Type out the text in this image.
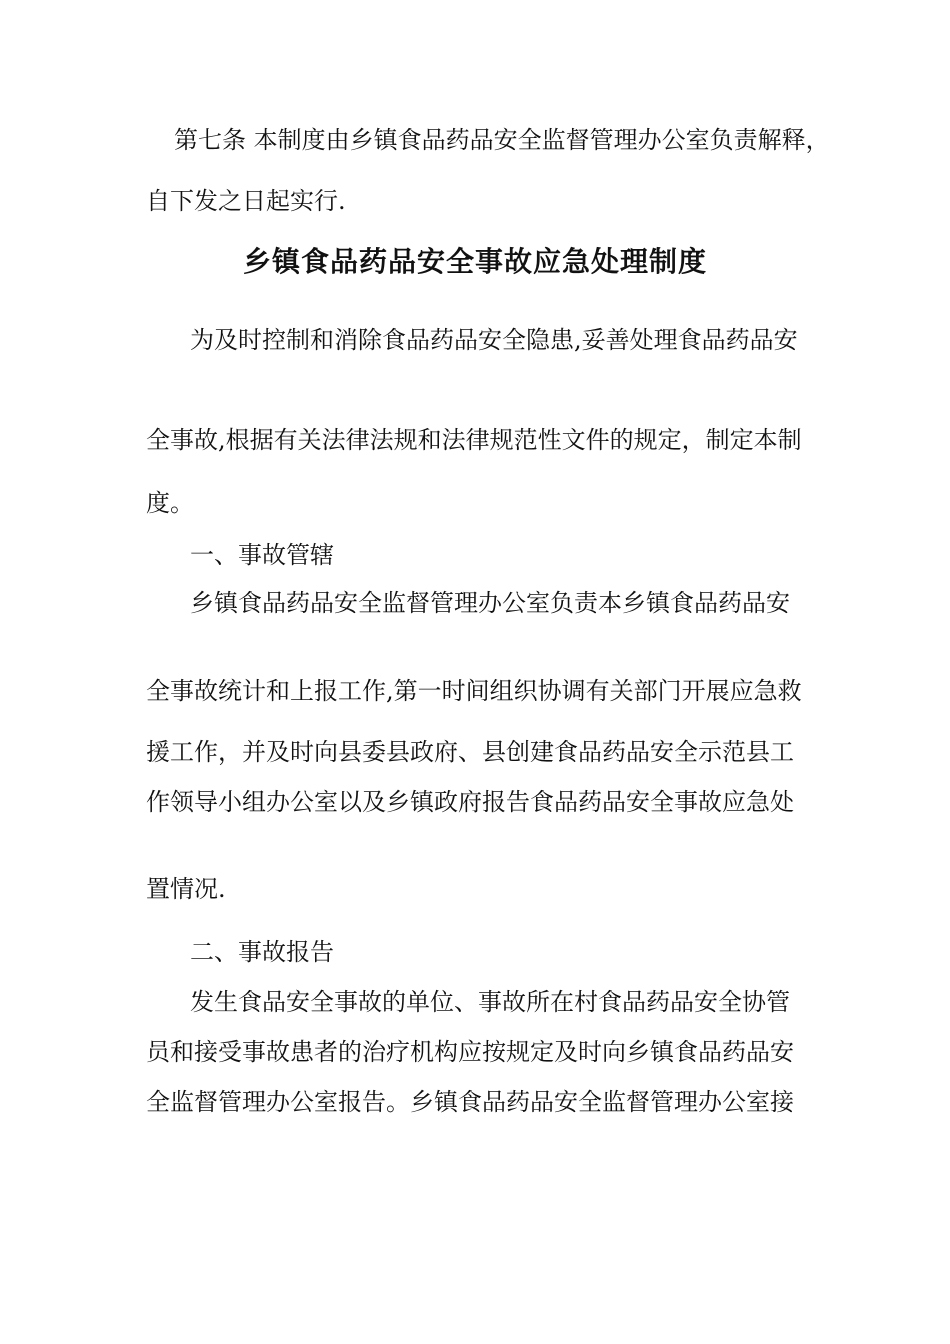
第七条 本制度由乡镇食品药品安全监督管理办公室负责解释，

自下发之日起实行.

乡镇食品药品安全事故应急处理制度

为及时控制和消除食品药品安全隐患,妥善处理食品药品安

全事故,根据有关法律法规和法律规范性文件的规定，制定本制

度。

一、事故管辖

乡镇食品药品安全监督管理办公室负责本乡镇食品药品安

全事故统计和上报工作,第一时间组织协调有关部门开展应急救

援工作，并及时向县委县政府、县创建食品药品安全示范县工

作领导小组办公室以及乡镇政府报告食品药品安全事故应急处

置情况.

二、事故报告

发生食品安全事故的单位、事故所在村食品药品安全协管

员和接受事故患者的治疗机构应按规定及时向乡镇食品药品安

全监督管理办公室报告。乡镇食品药品安全监督管理办公室接
